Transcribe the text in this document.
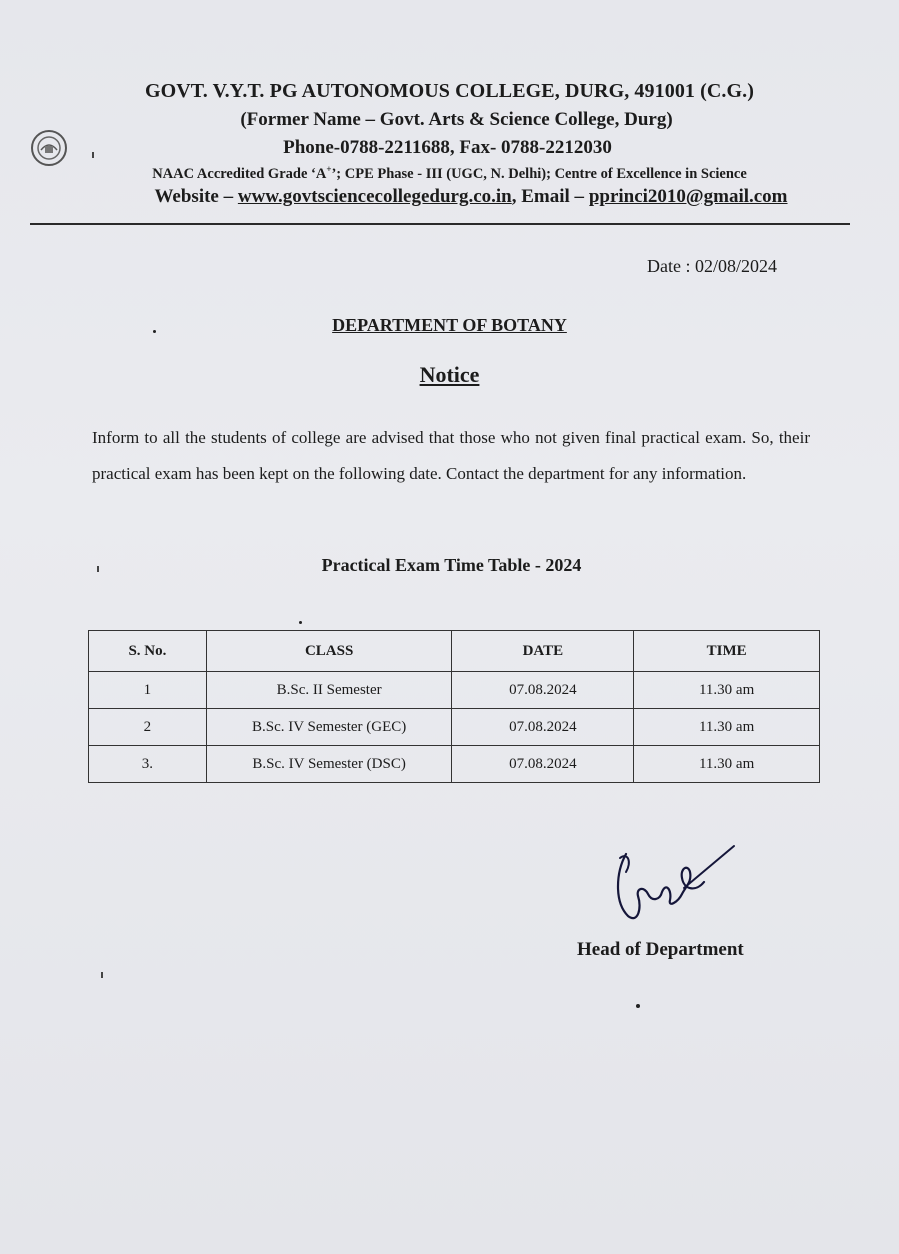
GOVT. V.Y.T. PG AUTONOMOUS COLLEGE, DURG, 491001 (C.G.)
(Former Name – Govt. Arts & Science College, Durg)
Phone-0788-2211688, Fax- 0788-2212030
NAAC Accredited Grade ‘A+’; CPE Phase - III (UGC, N. Delhi); Centre of Excellence in Science
Website – www.govtsciencecollegedurg.co.in, Email – pprinci2010@gmail.com
Date : 02/08/2024
DEPARTMENT OF BOTANY
Notice
Inform to all the students of college are advised that those who not given final practical exam. So, their practical exam has been kept on the following date. Contact the department for any information.
Practical Exam Time Table - 2024
S. No.	CLASS	DATE	TIME
1	B.Sc. II Semester	07.08.2024	11.30 am
2	B.Sc. IV Semester (GEC)	07.08.2024	11.30 am
3.	B.Sc. IV Semester (DSC)	07.08.2024	11.30 am
Head of Department
